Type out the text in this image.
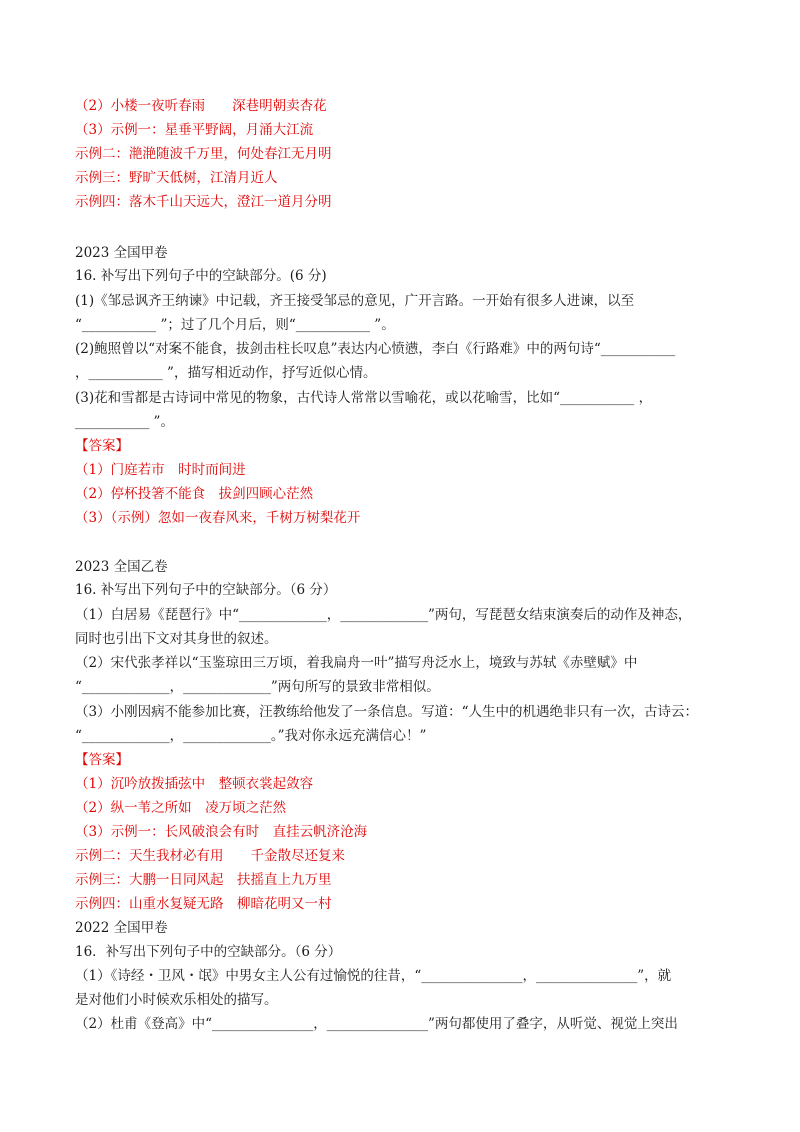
（2）小楼一夜听春雨　　深巷明朝卖杏花
（3）示例一：星垂平野阔，月涌大江流
示例二：滟滟随波千万里，何处春江无月明
示例三：野旷天低树，江清月近人
示例四：落木千山天远大，澄江一道月分明
2023 全国甲卷
16. 补写出下列句子中的空缺部分。(6 分)
(1)《邹忌讽齐王纳谏》中记载，齐王接受邹忌的意见，广开言路。一开始有很多人进谏，以至
“___________ ”；过了几个月后，则“___________ ”。
(2)鲍照曾以“对案不能食，拔剑击柱长叹息”表达内心愤懑，李白《行路难》中的两句诗“___________
，___________ ”，描写相近动作，抒写近似心情。
(3)花和雪都是古诗词中常见的物象，古代诗人常常以雪喻花，或以花喻雪，比如“___________ ，
___________ ”。
【答案】
（1）门庭若市　时时而间进
（2）停杯投箸不能食　拔剑四顾心茫然
（3）（示例）忽如一夜春风来，千树万树梨花开
2023 全国乙卷
16. 补写出下列句子中的空缺部分。（6 分）
（1）白居易《琵琶行》中“_____________，_____________”两句，写琵琶女结束演奏后的动作及神态，
同时也引出下文对其身世的叙述。
（2）宋代张孝祥以“玉鉴琼田三万顷，着我扁舟一叶”描写舟泛水上，境致与苏轼《赤壁赋》中
“_____________，_____________”两句所写的景致非常相似。
（3）小刚因病不能参加比赛，汪教练给他发了一条信息。写道：“人生中的机遇绝非只有一次，古诗云：
“_____________，_____________。”我对你永远充满信心！”
【答案】
（1）沉吟放拨插弦中　整顿衣裳起敛容
（2）纵一苇之所如　凌万顷之茫然
（3）示例一：长风破浪会有时　直挂云帆济沧海
示例二：天生我材必有用　　千金散尽还复来
示例三：大鹏一日同风起　扶摇直上九万里
示例四：山重水复疑无路　柳暗花明又一村
2022 全国甲卷
16．补写出下列句子中的空缺部分。（6 分）
（1）《诗经・卫风・氓》中男女主人公有过愉悦的往昔，“_______________，_______________”，就
是对他们小时候欢乐相处的描写。
（2）杜甫《登高》中“_______________，_______________”两句都使用了叠字，从听觉、视觉上突出
